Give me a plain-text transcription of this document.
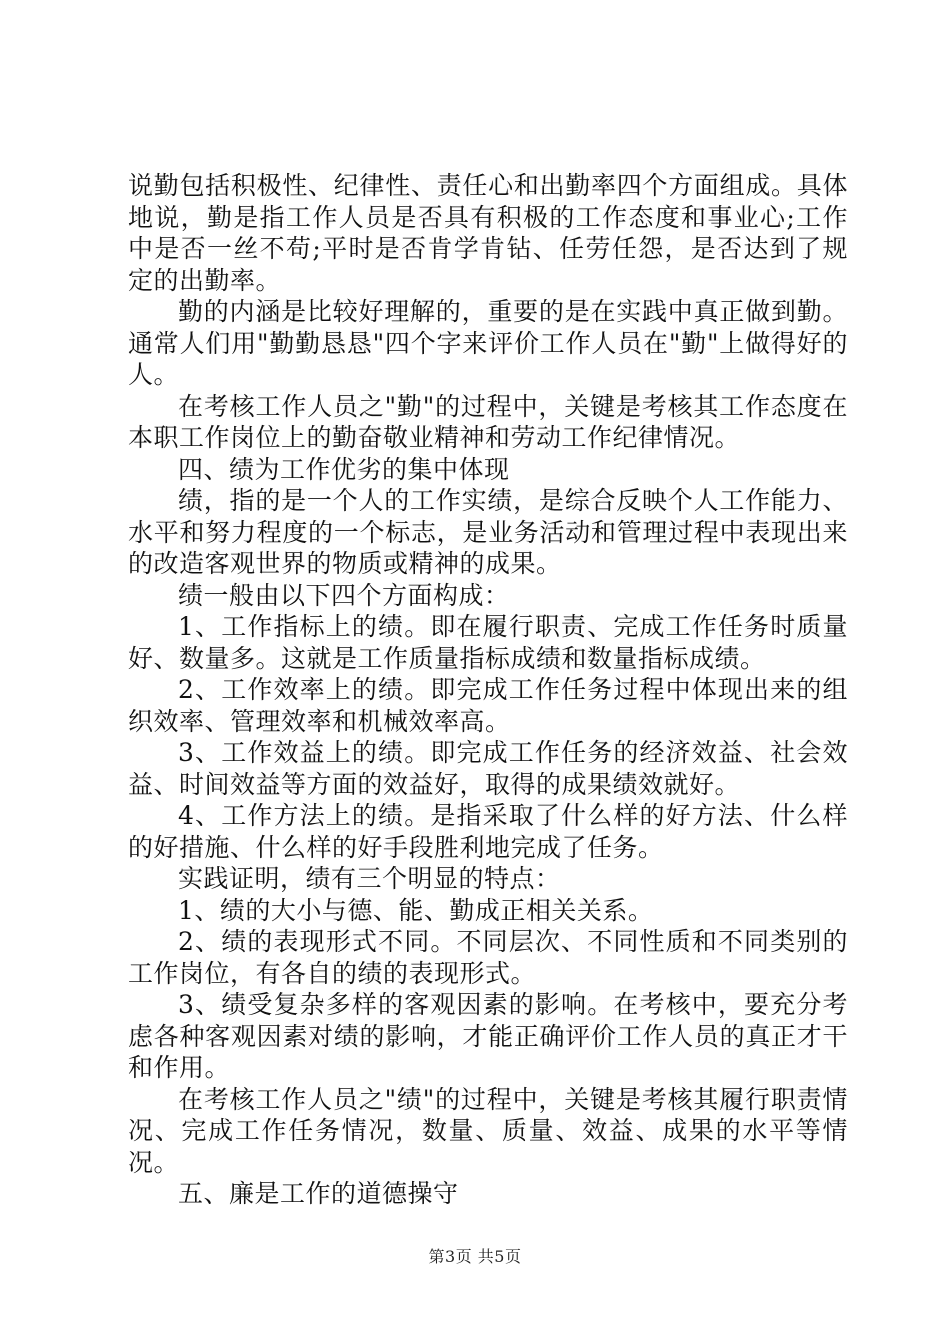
说勤包括积极性、纪律性、责任心和出勤率四个方面组成。具体地说，勤是指工作人员是否具有积极的工作态度和事业心;工作中是否一丝不苟;平时是否肯学肯钻、任劳任怨，是否达到了规定的出勤率。

勤的内涵是比较好理解的，重要的是在实践中真正做到勤。通常人们用"勤勤恳恳"四个字来评价工作人员在"勤"上做得好的人。

在考核工作人员之"勤"的过程中，关键是考核其工作态度在本职工作岗位上的勤奋敬业精神和劳动工作纪律情况。

四、绩为工作优劣的集中体现

绩，指的是一个人的工作实绩，是综合反映个人工作能力、水平和努力程度的一个标志，是业务活动和管理过程中表现出来的改造客观世界的物质或精神的成果。

绩一般由以下四个方面构成：

1、工作指标上的绩。即在履行职责、完成工作任务时质量好、数量多。这就是工作质量指标成绩和数量指标成绩。

2、工作效率上的绩。即完成工作任务过程中体现出来的组织效率、管理效率和机械效率高。

3、工作效益上的绩。即完成工作任务的经济效益、社会效益、时间效益等方面的效益好，取得的成果绩效就好。

4、工作方法上的绩。是指采取了什么样的好方法、什么样的好措施、什么样的好手段胜利地完成了任务。

实践证明，绩有三个明显的特点：

1、绩的大小与德、能、勤成正相关关系。

2、绩的表现形式不同。不同层次、不同性质和不同类别的工作岗位，有各自的绩的表现形式。

3、绩受复杂多样的客观因素的影响。在考核中，要充分考虑各种客观因素对绩的影响，才能正确评价工作人员的真正才干和作用。

在考核工作人员之"绩"的过程中，关键是考核其履行职责情况、完成工作任务情况，数量、质量、效益、成果的水平等情况。

五、廉是工作的道德操守

第3页 共5页
